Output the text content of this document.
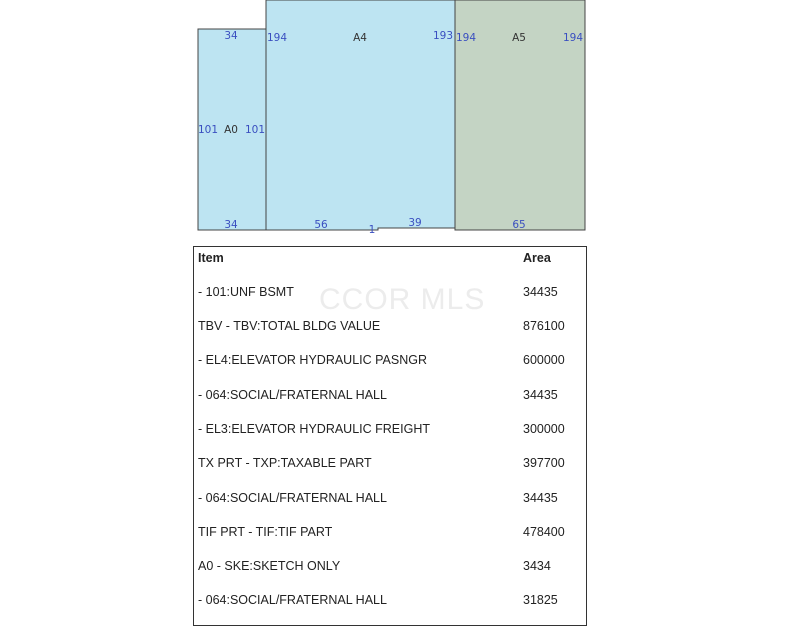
34
101 A0 101
34
194	A4	193
56	1
39
194	A5	194
65
CCOR MLS
Item	Area
- 101:UNF BSMT	34435
TBV - TBV:TOTAL BLDG VALUE	876100
- EL4:ELEVATOR HYDRAULIC PASNGR	600000
- 064:SOCIAL/FRATERNAL HALL	34435
- EL3:ELEVATOR HYDRAULIC FREIGHT	300000
TX PRT - TXP:TAXABLE PART	397700
- 064:SOCIAL/FRATERNAL HALL	34435
TIF PRT - TIF:TIF PART	478400
A0 - SKE:SKETCH ONLY	3434
- 064:SOCIAL/FRATERNAL HALL	31825
